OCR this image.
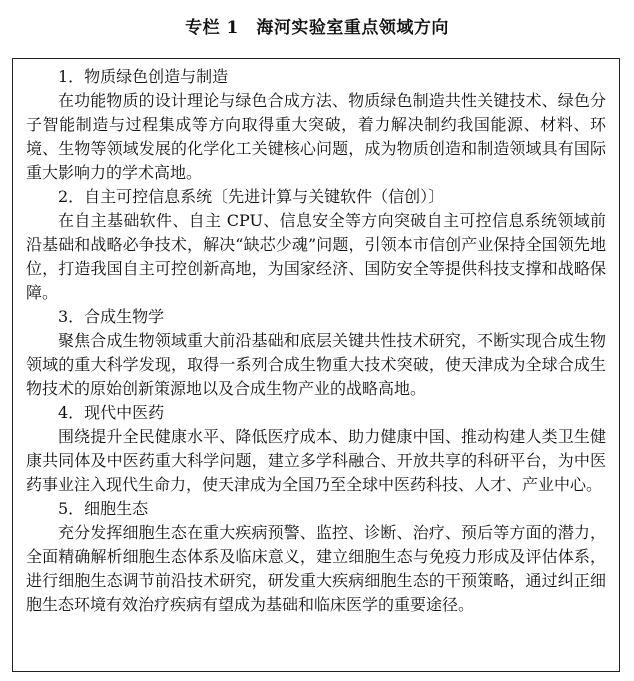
专栏 1　海河实验室重点领域方向
1．物质绿色创造与制造

在功能物质的设计理论与绿色合成方法、物质绿色制造共性关键技术、绿色分子智能制造与过程集成等方向取得重大突破，着力解决制约我国能源、材料、环境、生物等领域发展的化学化工关键核心问题，成为物质创造和制造领域具有国际重大影响力的学术高地。

2．自主可控信息系统〔先进计算与关键软件（信创）〕

在自主基础软件、自主 CPU、信息安全等方向突破自主可控信息系统领域前沿基础和战略必争技术，解决“缺芯少魂”问题，引领本市信创产业保持全国领先地位，打造我国自主可控创新高地，为国家经济、国防安全等提供科技支撑和战略保障。

3．合成生物学

聚焦合成生物领域重大前沿基础和底层关键共性技术研究，不断实现合成生物领域的重大科学发现，取得一系列合成生物重大技术突破，使天津成为全球合成生物技术的原始创新策源地以及合成生物产业的战略高地。

4．现代中医药

围绕提升全民健康水平、降低医疗成本、助力健康中国、推动构建人类卫生健康共同体及中医药重大科学问题，建立多学科融合、开放共享的科研平台，为中医药事业注入现代生命力，使天津成为全国乃至全球中医药科技、人才、产业中心。

5．细胞生态

充分发挥细胞生态在重大疾病预警、监控、诊断、治疗、预后等方面的潜力，全面精确解析细胞生态体系及临床意义，建立细胞生态与免疫力形成及评估体系，进行细胞生态调节前沿技术研究，研发重大疾病细胞生态的干预策略，通过纠正细胞生态环境有效治疗疾病有望成为基础和临床医学的重要途径。
